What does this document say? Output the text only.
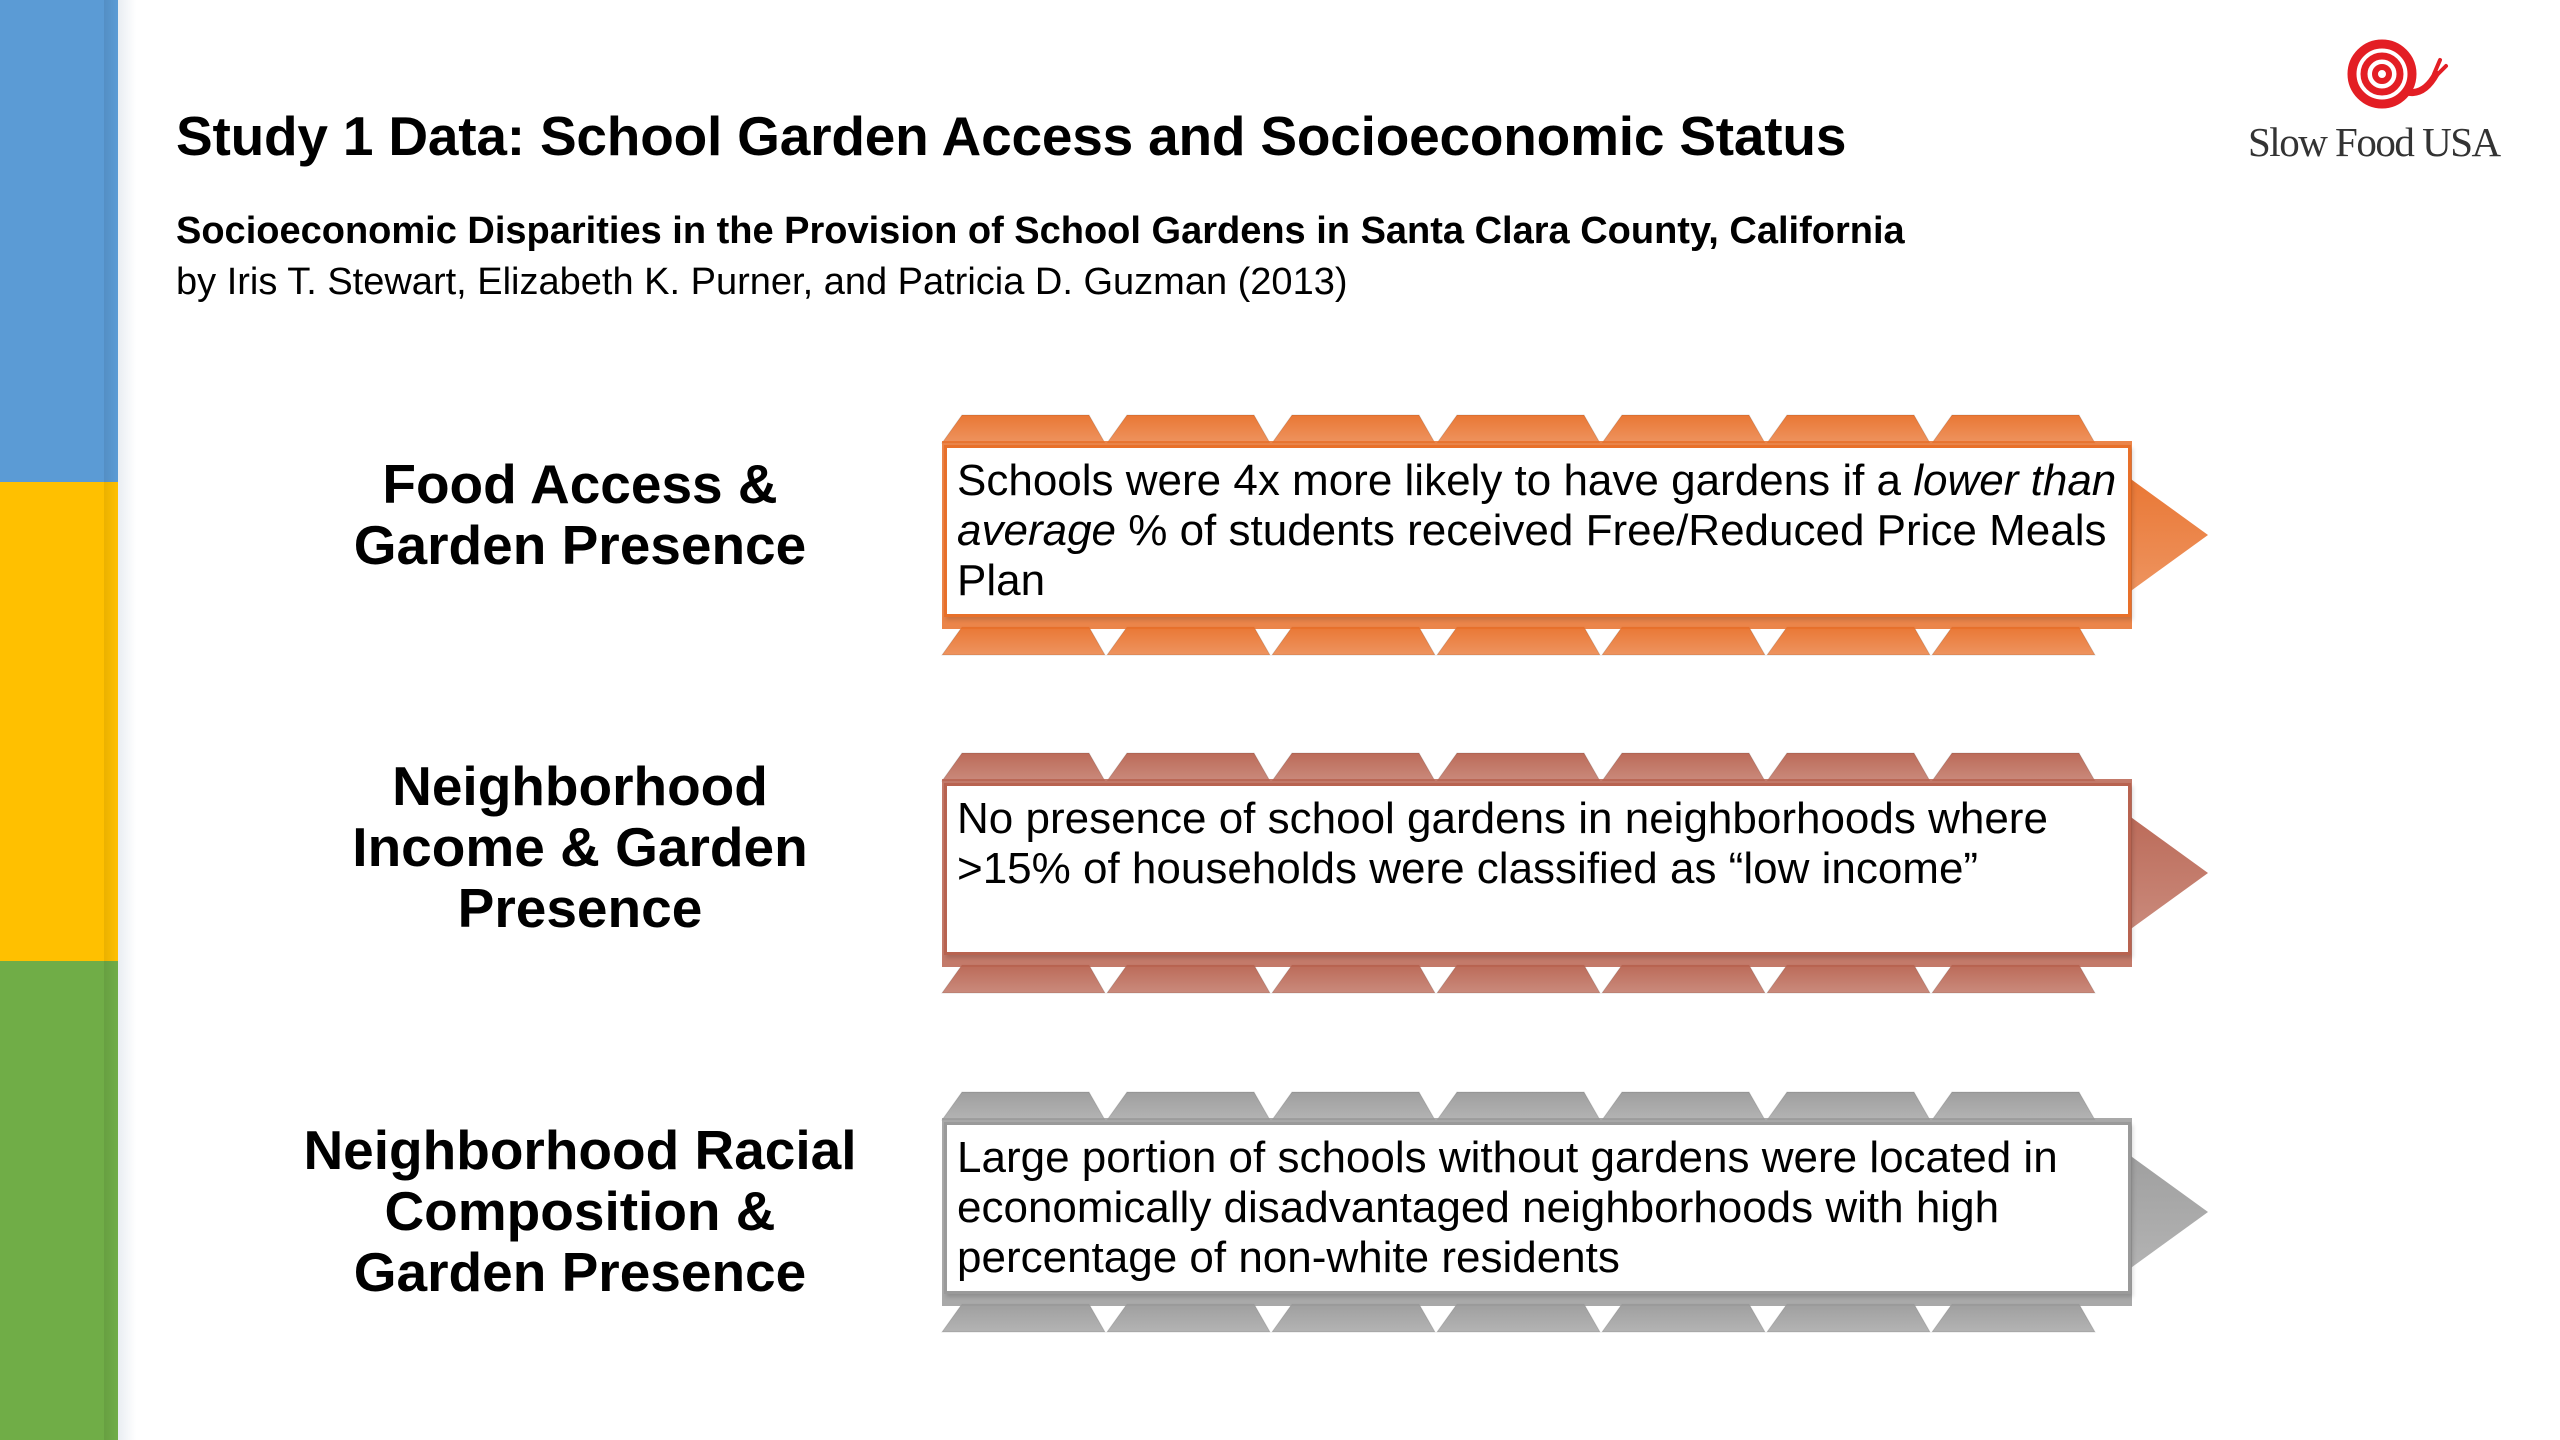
Study 1 Data: School Garden Access and Socioeconomic Status
Socioeconomic Disparities in the Provision of School Gardens in Santa Clara County, California
by Iris T. Stewart, Elizabeth K. Purner, and Patricia D. Guzman (2013)
Slow Food USA
Food Access &
Garden Presence
Schools were 4x more likely to have gardens if a lower than average % of students received Free/Reduced Price Meals Plan
Neighborhood
Income & Garden
Presence
No presence of school gardens in neighborhoods where >15% of households were classified as “low income”
Neighborhood Racial
Composition &
Garden Presence
Large portion of schools without gardens were located in economically disadvantaged neighborhoods with high percentage of non-white residents
